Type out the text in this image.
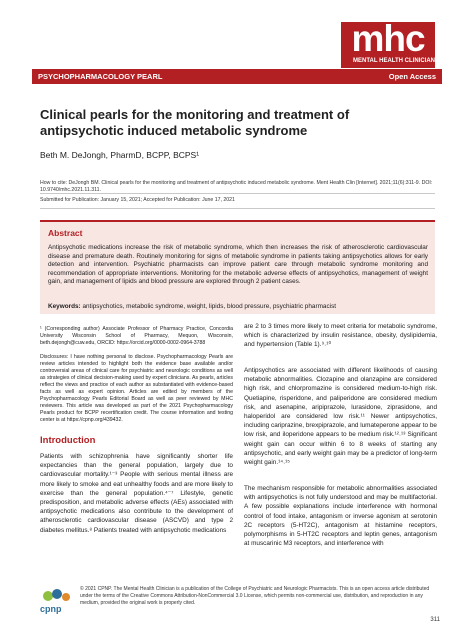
mhc
MENTAL HEALTH CLINICIAN
PSYCHOPHARMACOLOGY PEARL	Open Access
Clinical pearls for the monitoring and treatment of antipsychotic induced metabolic syndrome
Beth M. DeJongh, PharmD, BCPP, BCPS¹
How to cite: DeJongh BM. Clinical pearls for the monitoring and treatment of antipsychotic induced metabolic syndrome. Ment Health Clin [Internet]. 2021;11(6):311-9. DOI: 10.9740/mhc.2021.11.311.
Submitted for Publication: January 15, 2021; Accepted for Publication: June 17, 2021
Abstract

Antipsychotic medications increase the risk of metabolic syndrome, which then increases the risk of atherosclerotic cardiovascular disease and premature death. Routinely monitoring for signs of metabolic syndrome in patients taking antipsychotics allows for early detection and intervention. Psychiatric pharmacists can improve patient care through metabolic syndrome monitoring and recommendation of appropriate interventions. Monitoring for the metabolic adverse effects of antipsychotics, management of weight gain, and management of lipids and blood pressure are explored through 2 patient cases.

Keywords: antipsychotics, metabolic syndrome, weight, lipids, blood pressure, psychiatric pharmacist

¹ (Corresponding author) Associate Professor of Pharmacy Practice, Concordia University Wisconsin School of Pharmacy, Mequon, Wisconsin, beth.dejongh@cuw.edu, ORCID: https://orcid.org/0000-0002-0964-3788
Disclosures: I have nothing personal to disclose. Psychopharmacology Pearls are review articles intended to highlight both the evidence base available and/or controversial areas of clinical care for psychiatric and neurologic conditions as well as strategies of clinical decision-making used by expert clinicians. As pearls, articles reflect the views and practice of each author as substantiated with evidence-based facts as well as expert opinion. Articles are edited by members of the Psychopharmacology Pearls Editorial Board as well as peer reviewed by MHC reviewers. This article was developed as part of the 2021 Psychopharmacology Pearls product for BCPP recertification credit. The course information and testing center is at https://cpnp.org/439432.
Introduction
Patients with schizophrenia have significantly shorter life expectancies than the general population, largely due to cardiovascular mortality.¹⁻³ People with serious mental illness are more likely to smoke and eat unhealthy foods and are more likely to exercise than the general population.⁴⁻⁷ Lifestyle, genetic predisposition, and metabolic adverse effects (AEs) associated with antipsychotic medications also contribute to the development of atherosclerotic cardiovascular disease (ASCVD) and type 2 diabetes mellitus.⁸ Patients treated with antipsychotic medications
are 2 to 3 times more likely to meet criteria for metabolic syndrome, which is characterized by insulin resistance, obesity, dyslipidemia, and hypertension (Table 1).⁹˒¹⁰
Antipsychotics are associated with different likelihoods of causing metabolic abnormalities. Clozapine and olanzapine are considered high risk, and chlorpromazine is considered medium-to-high risk. Quetiapine, risperidone, and paliperidone are considered medium risk, and asenapine, aripiprazole, lurasidone, ziprasidone, and haloperidol are considered low risk.¹¹ Newer antipsychotics, including cariprazine, brexpiprazole, and lumateperone appear to be low risk, and iloperidone appears to be medium risk.¹²˒¹³ Significant weight gain can occur within 6 to 8 weeks of starting any antipsychotic, and early weight gain may be a predictor of long-term weight gain.¹⁴˒¹⁵
The mechanism responsible for metabolic abnormalities associated with antipsychotics is not fully understood and may be multifactorial. A few possible explanations include interference with hormonal control of food intake, antagonism or inverse agonism at serotonin 2C receptors (5-HT2C), antagonism at histamine receptors, polymorphisms in 5-HT2C receptors and leptin genes, antagonism at muscarinic M3 receptors, and interference with
cpnp
© 2021 CPNP. The Mental Health Clinician is a publication of the College of Psychiatric and Neurologic Pharmacists. This is an open access article distributed under the terms of the Creative Commons Attribution-NonCommercial 3.0 License, which permits non-commercial use, distribution, and reproduction in any medium, provided the original work is properly cited.
311
